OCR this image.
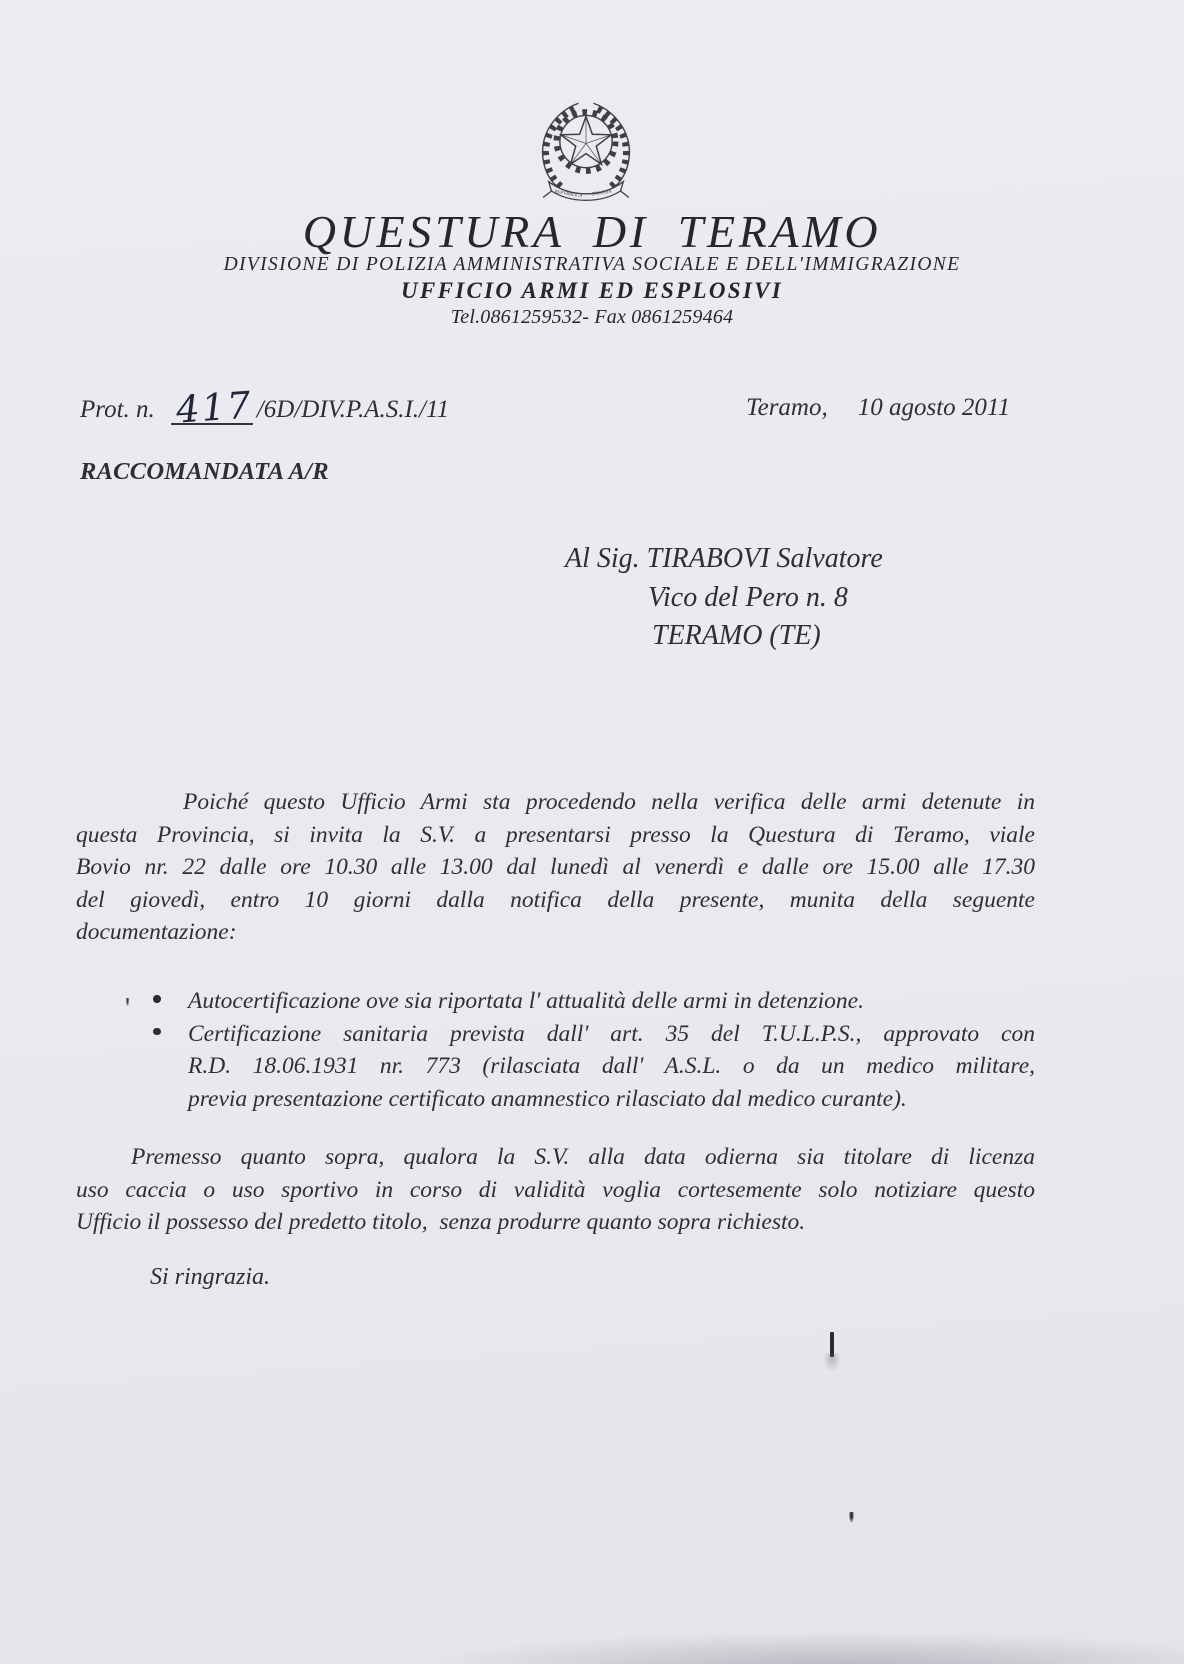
REPVBBLICA ITALIANA
QUESTURA DI TERAMO
DIVISIONE DI POLIZIA AMMINISTRATIVA SOCIALE E DELL'IMMIGRAZIONE
UFFICIO ARMI ED ESPLOSIVI
Tel.0861259532- Fax 0861259464
Prot. n. 417 /6D/DIV.P.A.S.I./11	Teramo, 10 agosto 2011
RACCOMANDATA A/R
Al Sig. TIRABOVI Salvatore
Vico del Pero n. 8
TERAMO (TE)
Poiché questo Ufficio Armi sta procedendo nella verifica delle armi detenute in
questa Provincia, si invita la S.V. a presentarsi presso la Questura di Teramo, viale
Bovio nr. 22 dalle ore 10.30 alle 13.00 dal lunedì al venerdì e dalle ore 15.00 alle 17.30
del giovedì, entro 10 giorni dalla notifica della presente, munita della seguente
documentazione:
Autocertificazione ove sia riportata l' attualità delle armi in detenzione.
Certificazione sanitaria prevista dall' art. 35 del T.U.L.P.S., approvato con
R.D. 18.06.1931 nr. 773 (rilasciata dall' A.S.L. o da un medico militare,
previa presentazione certificato anamnestico rilasciato dal medico curante).
Premesso quanto sopra, qualora la S.V. alla data odierna sia titolare di licenza
uso caccia o uso sportivo in corso di validità voglia cortesemente solo notiziare questo
Ufficio il possesso del predetto titolo,  senza produrre quanto sopra richiesto.
Si ringrazia.
